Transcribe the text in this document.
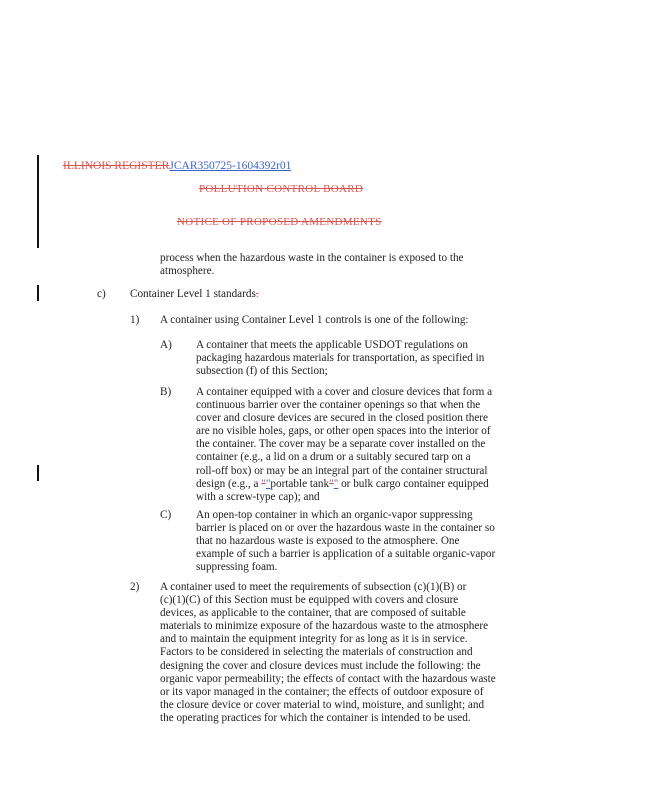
ILLINOIS REGISTERJCAR350725-1604392r01
POLLUTION CONTROL BOARD
NOTICE OF PROPOSED AMENDMENTS
process when the hazardous waste in the container is exposed to the
atmosphere.
c) Container Level 1 standards.
1) A container using Container Level 1 controls is one of the following:
A) A container that meets the applicable USDOT regulations on
packaging hazardous materials for transportation, as specified in
subsection (f) of this Section;
B) A container equipped with a cover and closure devices that form a
continuous barrier over the container openings so that when the
cover and closure devices are secured in the closed position there
are no visible holes, gaps, or other open spaces into the interior of
the container. The cover may be a separate cover installed on the
container (e.g., a lid on a drum or a suitably secured tarp on a
roll-off box) or may be an integral part of the container structural
design (e.g., a ""portable tank"" or bulk cargo container equipped
with a screw-type cap); and
C) An open-top container in which an organic-vapor suppressing
barrier is placed on or over the hazardous waste in the container so
that no hazardous waste is exposed to the atmosphere. One
example of such a barrier is application of a suitable organic-vapor
suppressing foam.
2) A container used to meet the requirements of subsection (c)(1)(B) or
(c)(1)(C) of this Section must be equipped with covers and closure
devices, as applicable to the container, that are composed of suitable
materials to minimize exposure of the hazardous waste to the atmosphere
and to maintain the equipment integrity for as long as it is in service.
Factors to be considered in selecting the materials of construction and
designing the cover and closure devices must include the following: the
organic vapor permeability; the effects of contact with the hazardous waste
or its vapor managed in the container; the effects of outdoor exposure of
the closure device or cover material to wind, moisture, and sunlight; and
the operating practices for which the container is intended to be used.
